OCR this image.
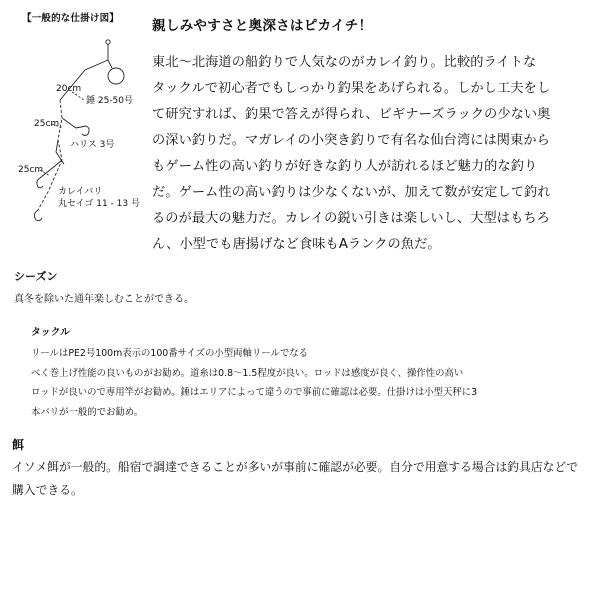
【一般的な仕掛け図】
20cm
錘 25-50号
25cm
ハリス 3号
25cm
カレイバリ
丸セイゴ 11 - 13 号
親しみやすさと奥深さはピカイチ！
東北～北海道の船釣りで人気なのがカレイ釣り。比較的ライトな
タックルで初心者でもしっかり釣果をあげられる。しかし工夫をし
て研究すれば、釣果で答えが得られ、ビギナーズラックの少ない奥
の深い釣りだ。マガレイの小突き釣りで有名な仙台湾には関東から
もゲーム性の高い釣りが好きな釣り人が訪れるほど魅力的な釣り
だ。ゲーム性の高い釣りは少なくないが、加えて数が安定して釣れ
るのが最大の魅力だ。カレイの鋭い引きは楽しいし、大型はもちろ
ん、小型でも唐揚げなど食味もAランクの魚だ。
シーズン
真冬を除いた通年楽しむことができる。
タックル
リールはPE2号100m表示の100番サイズの小型両軸リールでなる
べく巻上げ性能の良いものがお勧め。道糸は0.8～1.5程度が良い。ロッドは感度が良く、操作性の高い
ロッドが良いので専用竿がお勧め。錘はエリアによって違うので事前に確認は必要。仕掛けは小型天秤に3
本バリが一般的でお勧め。
餌
イソメ餌が一般的。船宿で調達できることが多いが事前に確認が必要。自分で用意する場合は釣具店などで
購入できる。
